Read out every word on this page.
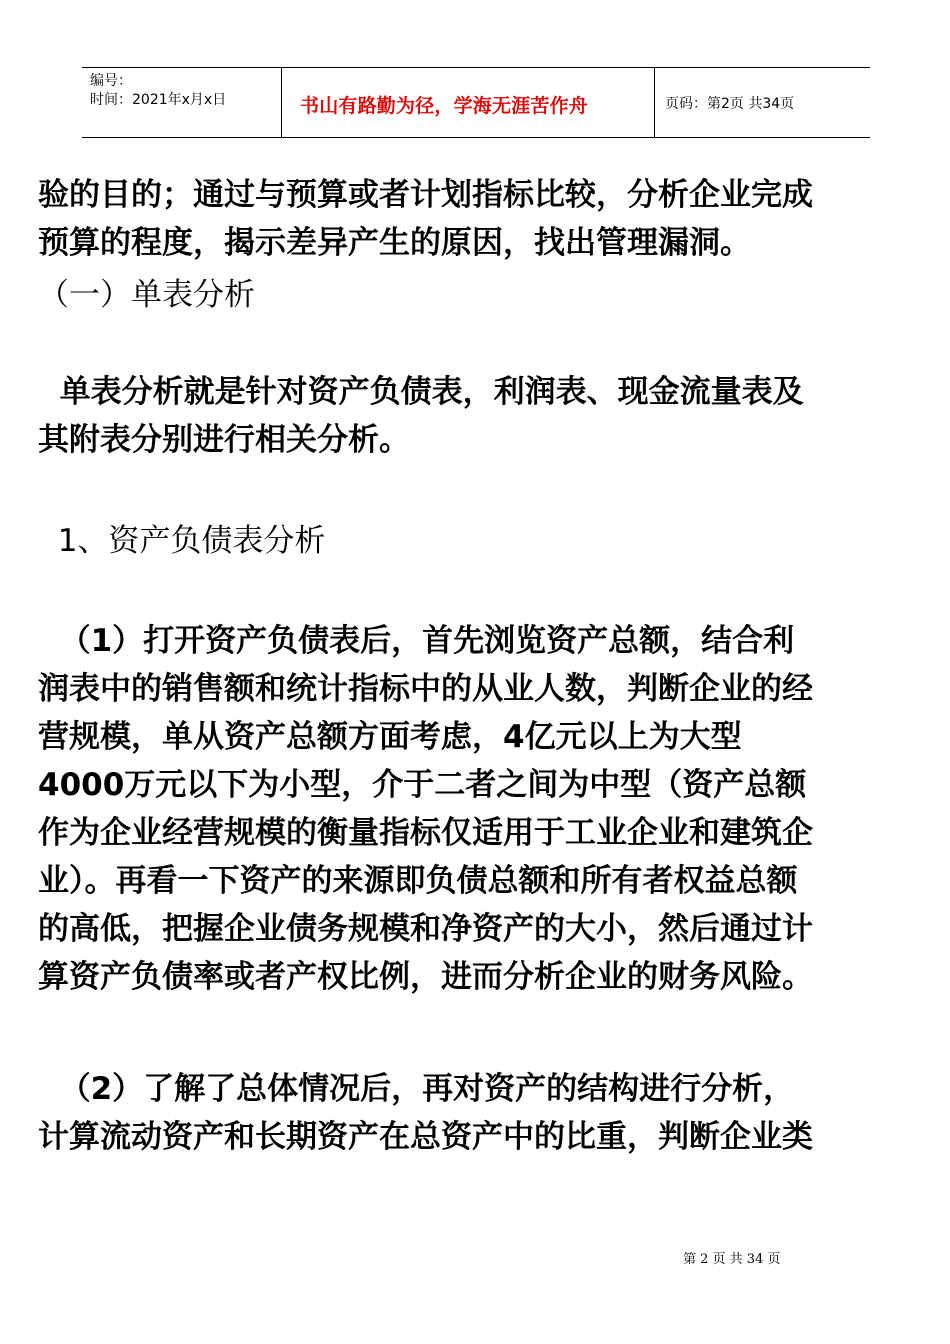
编号：
时间：2021年x月x日	书山有路勤为径，学海无涯苦作舟	页码：第2页 共34页
验的目的；通过与预算或者计划指标比较，分析企业完成
预算的程度，揭示差异产生的原因，找出管理漏洞。
（一）单表分析
单表分析就是针对资产负债表，利润表、现金流量表及
其附表分别进行相关分析。
1、资产负债表分析
（1）打开资产负债表后，首先浏览资产总额，结合利
润表中的销售额和统计指标中的从业人数，判断企业的经
营规模，单从资产总额方面考虑，4亿元以上为大型
4000万元以下为小型，介于二者之间为中型（资产总额
作为企业经营规模的衡量指标仅适用于工业企业和建筑企
业）。再看一下资产的来源即负债总额和所有者权益总额
的高低，把握企业债务规模和净资产的大小，然后通过计
算资产负债率或者产权比例，进而分析企业的财务风险。
（2）了解了总体情况后，再对资产的结构进行分析，
计算流动资产和长期资产在总资产中的比重，判断企业类
第 2 页 共 34 页
